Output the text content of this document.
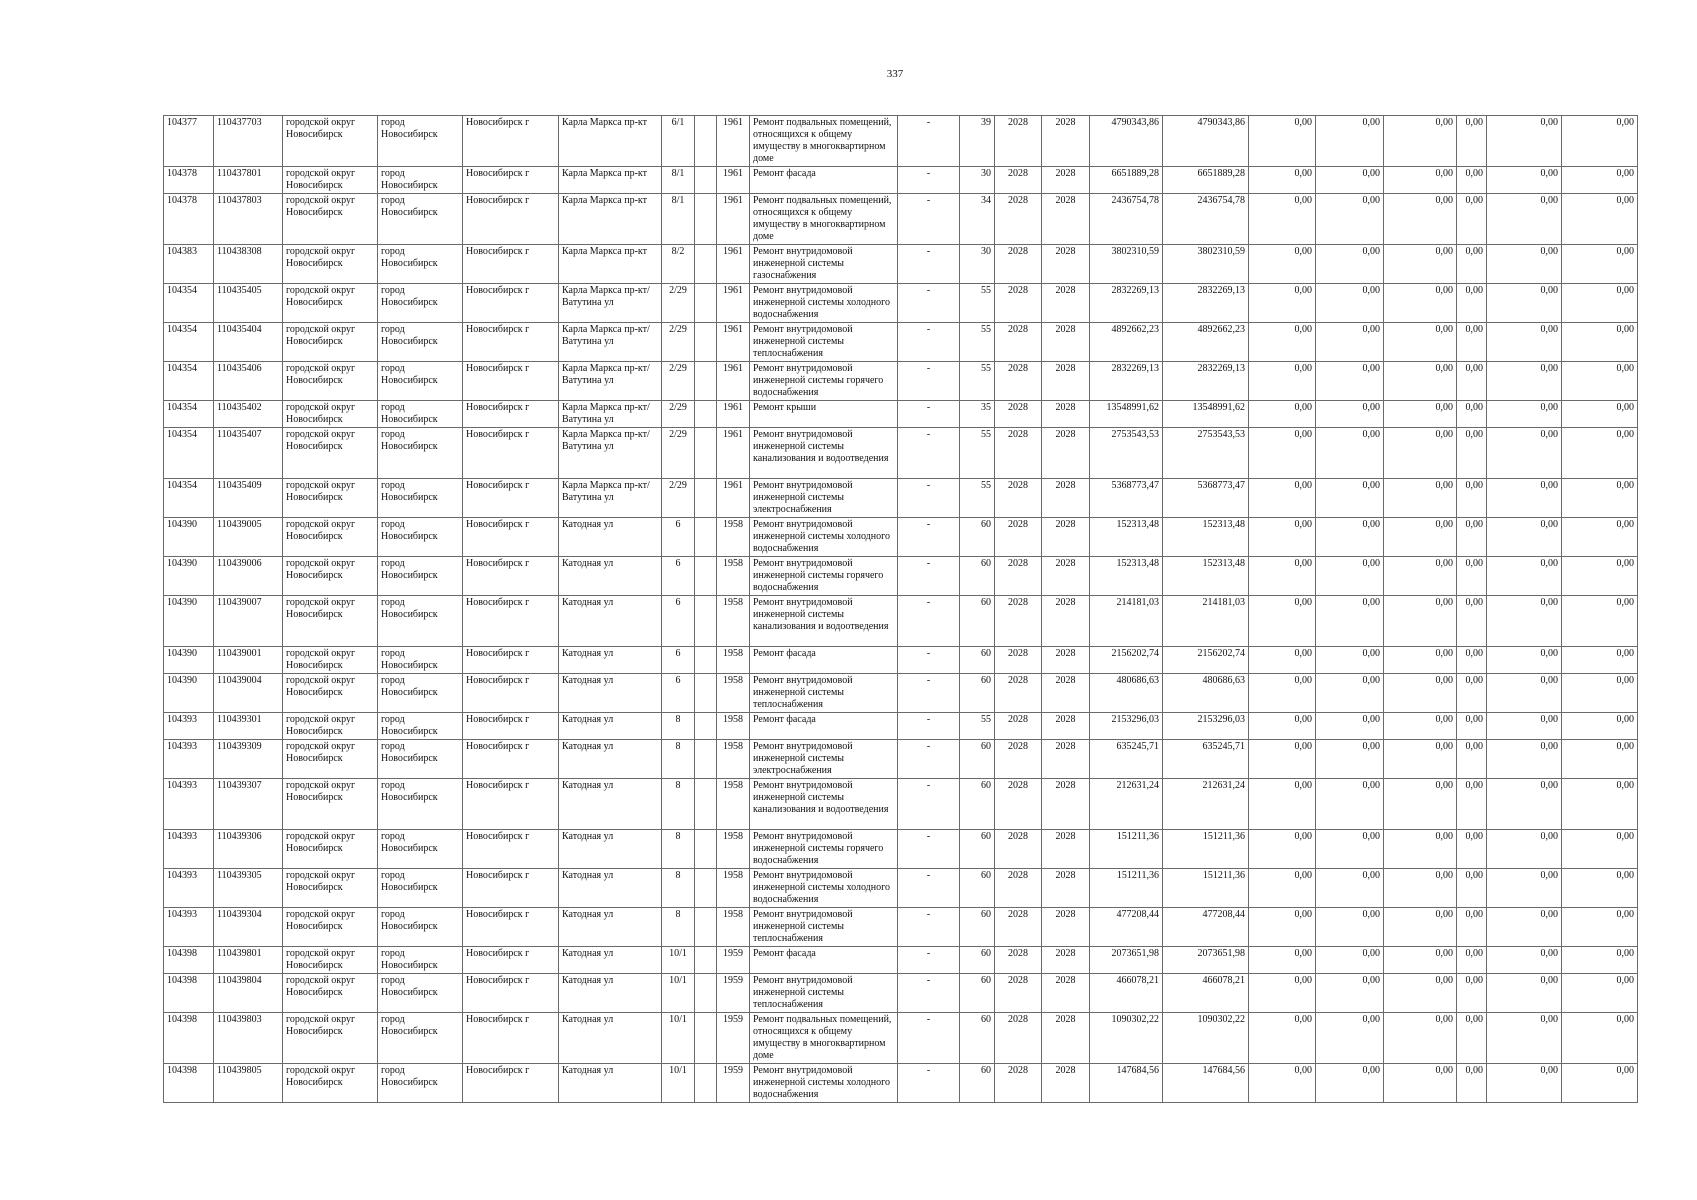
337
104377	110437703	городской округ Новосибирск	город Новосибирск	Новосибирск г	Карла Маркса пр-кт	6/1		1961	Ремонт подвальных помещений, относящихся к общему имуществу в многоквартирном доме	-	39	2028	2028	4790343,86	4790343,86	0,00	0,00	0,00	0,00	0,00	0,00
104378	110437801	городской округ Новосибирск	город Новосибирск	Новосибирск г	Карла Маркса пр-кт	8/1		1961	Ремонт фасада	-	30	2028	2028	6651889,28	6651889,28	0,00	0,00	0,00	0,00	0,00	0,00
104378	110437803	городской округ Новосибирск	город Новосибирск	Новосибирск г	Карла Маркса пр-кт	8/1		1961	Ремонт подвальных помещений, относящихся к общему имуществу в многоквартирном доме	-	34	2028	2028	2436754,78	2436754,78	0,00	0,00	0,00	0,00	0,00	0,00
104383	110438308	городской округ Новосибирск	город Новосибирск	Новосибирск г	Карла Маркса пр-кт	8/2		1961	Ремонт внутридомовой инженерной системы газоснабжения	-	30	2028	2028	3802310,59	3802310,59	0,00	0,00	0,00	0,00	0,00	0,00
104354	110435405	городской округ Новосибирск	город Новосибирск	Новосибирск г	Карла Маркса пр-кт/Ватутина ул	2/29		1961	Ремонт внутридомовой инженерной системы холодного водоснабжения	-	55	2028	2028	2832269,13	2832269,13	0,00	0,00	0,00	0,00	0,00	0,00
104354	110435404	городской округ Новосибирск	город Новосибирск	Новосибирск г	Карла Маркса пр-кт/Ватутина ул	2/29		1961	Ремонт внутридомовой инженерной системы теплоснабжения	-	55	2028	2028	4892662,23	4892662,23	0,00	0,00	0,00	0,00	0,00	0,00
104354	110435406	городской округ Новосибирск	город Новосибирск	Новосибирск г	Карла Маркса пр-кт/Ватутина ул	2/29		1961	Ремонт внутридомовой инженерной системы горячего водоснабжения	-	55	2028	2028	2832269,13	2832269,13	0,00	0,00	0,00	0,00	0,00	0,00
104354	110435402	городской округ Новосибирск	город Новосибирск	Новосибирск г	Карла Маркса пр-кт/Ватутина ул	2/29		1961	Ремонт крыши	-	35	2028	2028	13548991,62	13548991,62	0,00	0,00	0,00	0,00	0,00	0,00
104354	110435407	городской округ Новосибирск	город Новосибирск	Новосибирск г	Карла Маркса пр-кт/Ватутина ул	2/29		1961	Ремонт внутридомовой инженерной системы канализования и водоотведения	-	55	2028	2028	2753543,53	2753543,53	0,00	0,00	0,00	0,00	0,00	0,00
104354	110435409	городской округ Новосибирск	город Новосибирск	Новосибирск г	Карла Маркса пр-кт/Ватутина ул	2/29		1961	Ремонт внутридомовой инженерной системы электроснабжения	-	55	2028	2028	5368773,47	5368773,47	0,00	0,00	0,00	0,00	0,00	0,00
104390	110439005	городской округ Новосибирск	город Новосибирск	Новосибирск г	Катодная ул	6		1958	Ремонт внутридомовой инженерной системы холодного водоснабжения	-	60	2028	2028	152313,48	152313,48	0,00	0,00	0,00	0,00	0,00	0,00
104390	110439006	городской округ Новосибирск	город Новосибирск	Новосибирск г	Катодная ул	6		1958	Ремонт внутридомовой инженерной системы горячего водоснабжения	-	60	2028	2028	152313,48	152313,48	0,00	0,00	0,00	0,00	0,00	0,00
104390	110439007	городской округ Новосибирск	город Новосибирск	Новосибирск г	Катодная ул	6		1958	Ремонт внутридомовой инженерной системы канализования и водоотведения	-	60	2028	2028	214181,03	214181,03	0,00	0,00	0,00	0,00	0,00	0,00
104390	110439001	городской округ Новосибирск	город Новосибирск	Новосибирск г	Катодная ул	6		1958	Ремонт фасада	-	60	2028	2028	2156202,74	2156202,74	0,00	0,00	0,00	0,00	0,00	0,00
104390	110439004	городской округ Новосибирск	город Новосибирск	Новосибирск г	Катодная ул	6		1958	Ремонт внутридомовой инженерной системы теплоснабжения	-	60	2028	2028	480686,63	480686,63	0,00	0,00	0,00	0,00	0,00	0,00
104393	110439301	городской округ Новосибирск	город Новосибирск	Новосибирск г	Катодная ул	8		1958	Ремонт фасада	-	55	2028	2028	2153296,03	2153296,03	0,00	0,00	0,00	0,00	0,00	0,00
104393	110439309	городской округ Новосибирск	город Новосибирск	Новосибирск г	Катодная ул	8		1958	Ремонт внутридомовой инженерной системы электроснабжения	-	60	2028	2028	635245,71	635245,71	0,00	0,00	0,00	0,00	0,00	0,00
104393	110439307	городской округ Новосибирск	город Новосибирск	Новосибирск г	Катодная ул	8		1958	Ремонт внутридомовой инженерной системы канализования и водоотведения	-	60	2028	2028	212631,24	212631,24	0,00	0,00	0,00	0,00	0,00	0,00
104393	110439306	городской округ Новосибирск	город Новосибирск	Новосибирск г	Катодная ул	8		1958	Ремонт внутридомовой инженерной системы горячего водоснабжения	-	60	2028	2028	151211,36	151211,36	0,00	0,00	0,00	0,00	0,00	0,00
104393	110439305	городской округ Новосибирск	город Новосибирск	Новосибирск г	Катодная ул	8		1958	Ремонт внутридомовой инженерной системы холодного водоснабжения	-	60	2028	2028	151211,36	151211,36	0,00	0,00	0,00	0,00	0,00	0,00
104393	110439304	городской округ Новосибирск	город Новосибирск	Новосибирск г	Катодная ул	8		1958	Ремонт внутридомовой инженерной системы теплоснабжения	-	60	2028	2028	477208,44	477208,44	0,00	0,00	0,00	0,00	0,00	0,00
104398	110439801	городской округ Новосибирск	город Новосибирск	Новосибирск г	Катодная ул	10/1		1959	Ремонт фасада	-	60	2028	2028	2073651,98	2073651,98	0,00	0,00	0,00	0,00	0,00	0,00
104398	110439804	городской округ Новосибирск	город Новосибирск	Новосибирск г	Катодная ул	10/1		1959	Ремонт внутридомовой инженерной системы теплоснабжения	-	60	2028	2028	466078,21	466078,21	0,00	0,00	0,00	0,00	0,00	0,00
104398	110439803	городской округ Новосибирск	город Новосибирск	Новосибирск г	Катодная ул	10/1		1959	Ремонт подвальных помещений, относящихся к общему имуществу в многоквартирном доме	-	60	2028	2028	1090302,22	1090302,22	0,00	0,00	0,00	0,00	0,00	0,00
104398	110439805	городской округ Новосибирск	город Новосибирск	Новосибирск г	Катодная ул	10/1		1959	Ремонт внутридомовой инженерной системы холодного водоснабжения	-	60	2028	2028	147684,56	147684,56	0,00	0,00	0,00	0,00	0,00	0,00
